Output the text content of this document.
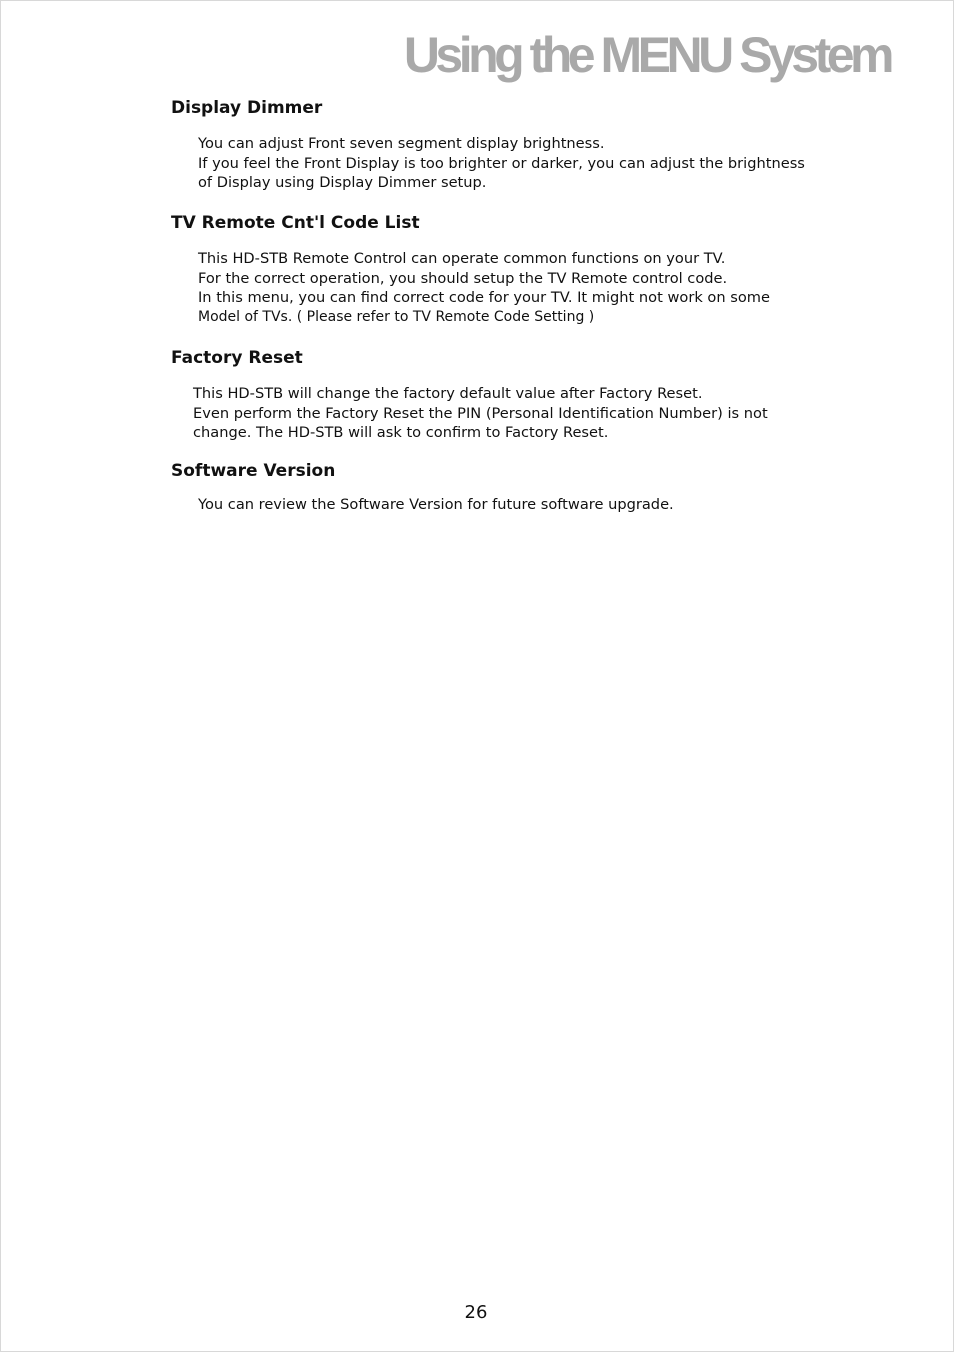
Using the MENU System
Display Dimmer

You can adjust Front seven segment display brightness.

If you feel the Front Display is too brighter or darker, you can adjust the brightness

of Display using Display Dimmer setup.

TV Remote Cnt'l Code List

This HD-STB Remote Control can operate common functions on your TV.

For the correct operation, you should setup the TV Remote control code.

In this menu, you can find correct code for your TV. It might not work on some

Model of TVs. ( Please refer to TV Remote Code Setting )

Factory Reset

This HD-STB will change the factory default value after Factory Reset.

Even perform the Factory Reset the PIN (Personal Identification Number) is not

change. The HD-STB will ask to confirm to Factory Reset.

Software Version

You can review the Software Version for future software upgrade.

26
